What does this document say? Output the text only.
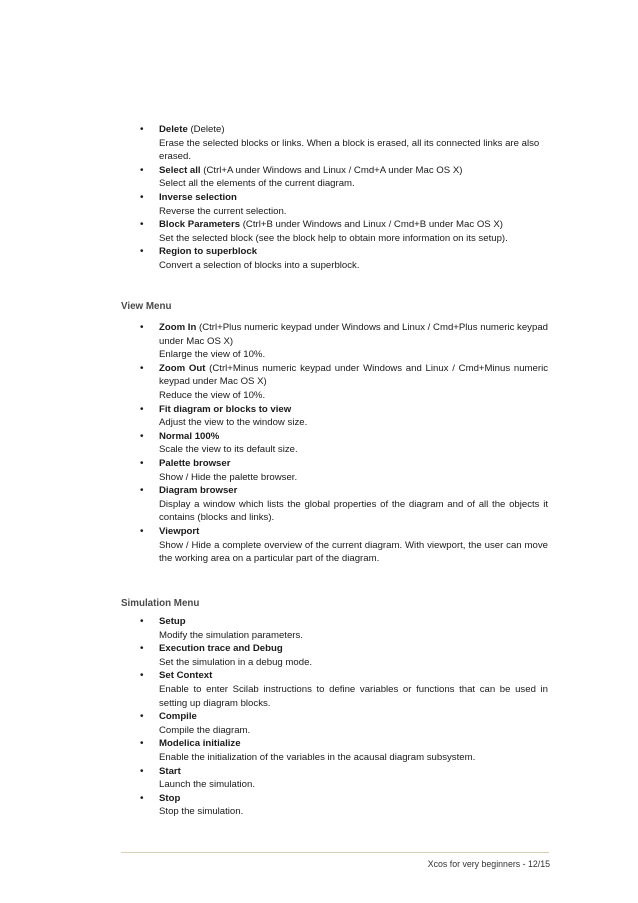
• Delete (Delete)
Erase the selected blocks or links. When a block is erased, all its connected links are also erased.
• Select all (Ctrl+A under Windows and Linux / Cmd+A under Mac OS X)
Select all the elements of the current diagram.
• Inverse selection
Reverse the current selection.
• Block Parameters (Ctrl+B under Windows and Linux / Cmd+B under Mac OS X)
Set the selected block (see the block help to obtain more information on its setup).
• Region to superblock
Convert a selection of blocks into a superblock.
View Menu
• Zoom In (Ctrl+Plus numeric keypad under Windows and Linux / Cmd+Plus numeric keypad under Mac OS X)
Enlarge the view of 10%.
• Zoom Out (Ctrl+Minus numeric keypad under Windows and Linux / Cmd+Minus numeric keypad under Mac OS X)
Reduce the view of 10%.
• Fit diagram or blocks to view
Adjust the view to the window size.
• Normal 100%
Scale the view to its default size.
• Palette browser
Show / Hide the palette browser.
• Diagram browser
Display a window which lists the global properties of the diagram and of all the objects it contains (blocks and links).
• Viewport
Show / Hide a complete overview of the current diagram. With viewport, the user can move the working area on a particular part of the diagram.
Simulation Menu
• Setup
Modify the simulation parameters.
• Execution trace and Debug
Set the simulation in a debug mode.
• Set Context
Enable to enter Scilab instructions to define variables or functions that can be used in setting up diagram blocks.
• Compile
Compile the diagram.
• Modelica initialize
Enable the initialization of the variables in the acausal diagram subsystem.
• Start
Launch the simulation.
• Stop
Stop the simulation.
Xcos for very beginners - 12/15
